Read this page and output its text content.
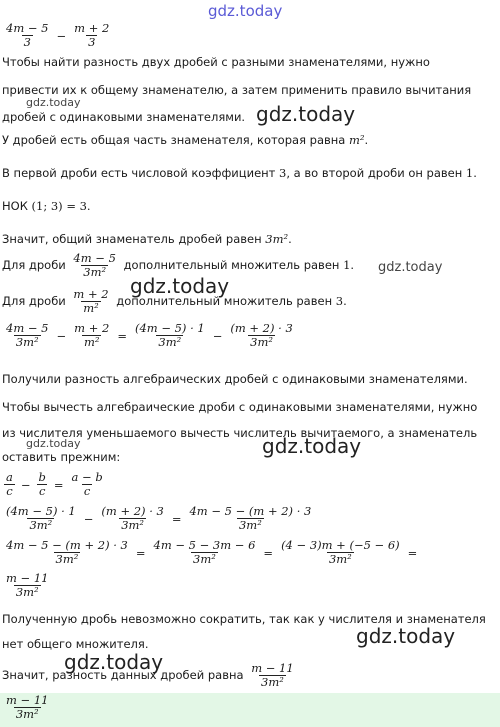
gdz.today
$\frac{4m - 5}{3} - \frac{m + 2}{3}$
Чтобы найти разность двух дробей с разными знаменателями, нужно
привести их к общему знаменателю, а затем применить правило вычитания
gdz.today
дробей с одинаковыми знаменателями. gdz.today
У дробей есть общая часть знаменателя, которая равна m².
В первой дроби есть числовой коэффициент 3, а во второй дроби он равен 1.
НОК (1; 3) = 3.
Значит, общий знаменатель дробей равен 3m².
Для дроби $\frac{4m - 5}{\text{3m²}}$ дополнительный множитель равен 1. gdz.today
gdz.today
Для дроби $\frac{m + 2}{\text{m²}}$ дополнительный множитель равен 3.
$\frac{4m - 5}{\text{3m²}} - \frac{m + 2}{\text{m²}} = \frac{(4m - 5) \cdot 1}{\text{3m²}} - \frac{(m + 2) \cdot 3}{\text{3m²}}$
Получили разность алгебраических дробей с одинаковыми знаменателями.
Чтобы вычесть алгебраические дроби с одинаковыми знаменателями, нужно
из числителя уменьшаемого вычесть числитель вычитаемого, а знаменатель
gdz.today	gdz.today
оставить прежним:
$\frac{a}{c} - \frac{b}{c} = \frac{a - b}{c}$
$\frac{(4m - 5) \cdot 1}{\text{3m²}} - \frac{(m + 2) \cdot 3}{\text{3m²}} = \frac{4m - 5 - (m + 2) \cdot 3}{\text{3m²}}$
$\frac{4m - 5 - (m + 2) \cdot 3}{\text{3m²}} = \frac{4m - 5 - 3m - 6}{\text{3m²}} = \frac{(4 - 3)m + (-5 - 6)}{\text{3m²}}$ =
$\frac{m - 11}{\text{3m²}}$
Полученную дробь невозможно сократить, так как у числителя и знаменателя
gdz.today
нет общего множителя.
gdz.today
Значит, разность данных дробей равна $\frac{m - 11}{\text{3m²}}$
$\frac{m - 11}{\text{3m²}}$
